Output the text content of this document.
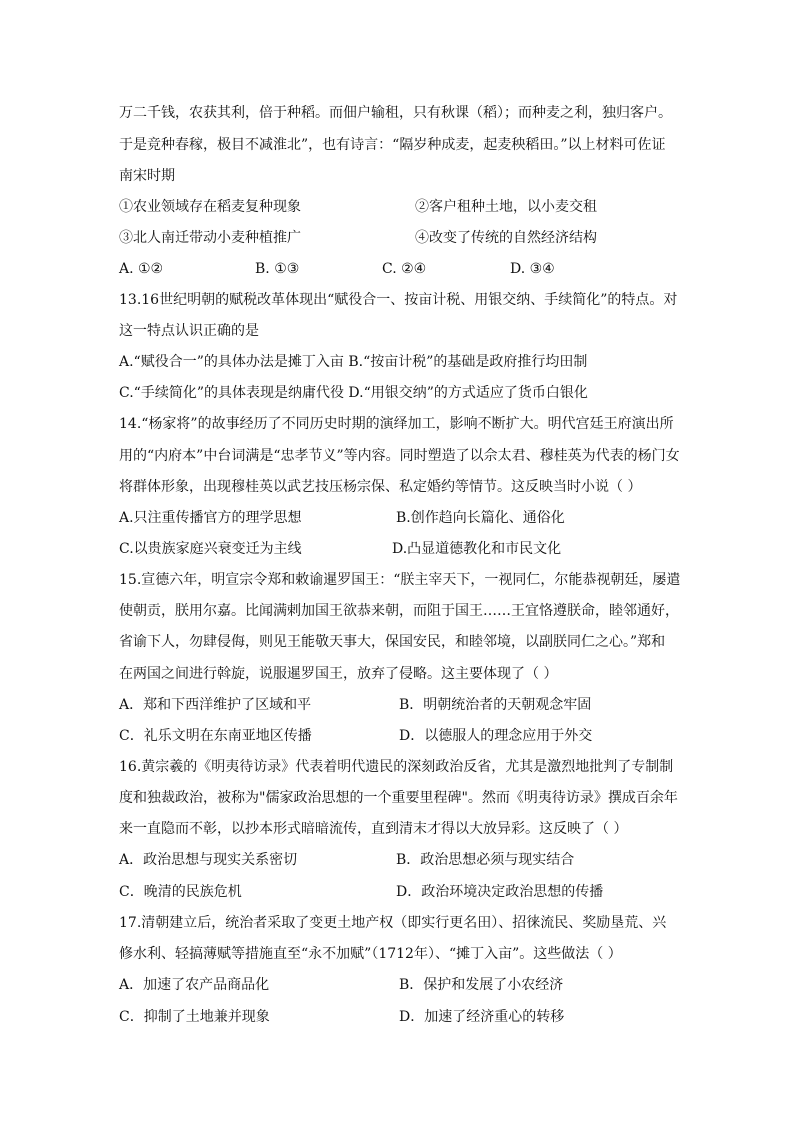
万二千钱，农获其利，倍于种稻。而佃户输租，只有秋课（稻）；而种麦之利，独归客户。
于是竞种春稼，极目不减淮北”，也有诗言：“隔岁种成麦，起麦秧稻田。”以上材料可佐证
南宋时期
①农业领域存在稻麦复种现象	②客户租种土地，以小麦交租
③北人南迁带动小麦种植推广	④改变了传统的自然经济结构
A. ①②	B. ①③	C. ②④	D. ③④
13.16世纪明朝的赋税改革体现出“赋役合一、按亩计税、用银交纳、手续简化”的特点。对
这一特点认识正确的是
A.“赋役合一”的具体办法是摊丁入亩 B.“按亩计税”的基础是政府推行均田制
C.“手续简化”的具体表现是纳庸代役 D.“用银交纳”的方式适应了货币白银化
14.“杨家将”的故事经历了不同历史时期的演绎加工，影响不断扩大。明代宫廷王府演出所
用的“内府本”中台词满是“忠孝节义”等内容。同时塑造了以佘太君、穆桂英为代表的杨门女
将群体形象，出现穆桂英以武艺技压杨宗保、私定婚约等情节。这反映当时小说（ ）
A.只注重传播官方的理学思想	B.创作趋向长篇化、通俗化
C.以贵族家庭兴衰变迁为主线	D.凸显道德教化和市民文化
15.宣德六年，明宣宗令郑和敕谕暹罗国王：“朕主宰天下，一视同仁，尔能恭视朝廷，屡遣
使朝贡，朕用尔嘉。比闻满剌加国王欲恭来朝，而阻于国王……王宜恪遵朕命，睦邻通好，
省谕下人，勿肆侵侮，则见王能敬天事大，保国安民，和睦邻境，以副朕同仁之心。”郑和
在两国之间进行斡旋，说服暹罗国王，放弃了侵略。这主要体现了（ ）
A．郑和下西洋维护了区域和平	B．明朝统治者的天朝观念牢固
C．礼乐文明在东南亚地区传播	D．以德服人的理念应用于外交
16.黄宗羲的《明夷待访录》代表着明代遗民的深刻政治反省，尤其是激烈地批判了专制制
度和独裁政治，被称为"儒家政治思想的一个重要里程碑"。然而《明夷待访录》撰成百余年
来一直隐而不彰，以抄本形式暗暗流传，直到清末才得以大放异彩。这反映了（ ）
A．政治思想与现实关系密切	B．政治思想必须与现实结合
C．晚清的民族危机	D．政治环境决定政治思想的传播
17.清朝建立后，统治者采取了变更土地产权（即实行更名田）、招徕流民、奖励垦荒、兴
修水利、轻搞薄赋等措施直至“永不加赋”（1712年）、“摊丁入亩”。这些做法（ ）
A．加速了农产品商品化	B．保护和发展了小农经济
C．抑制了土地兼并现象	D．加速了经济重心的转移
